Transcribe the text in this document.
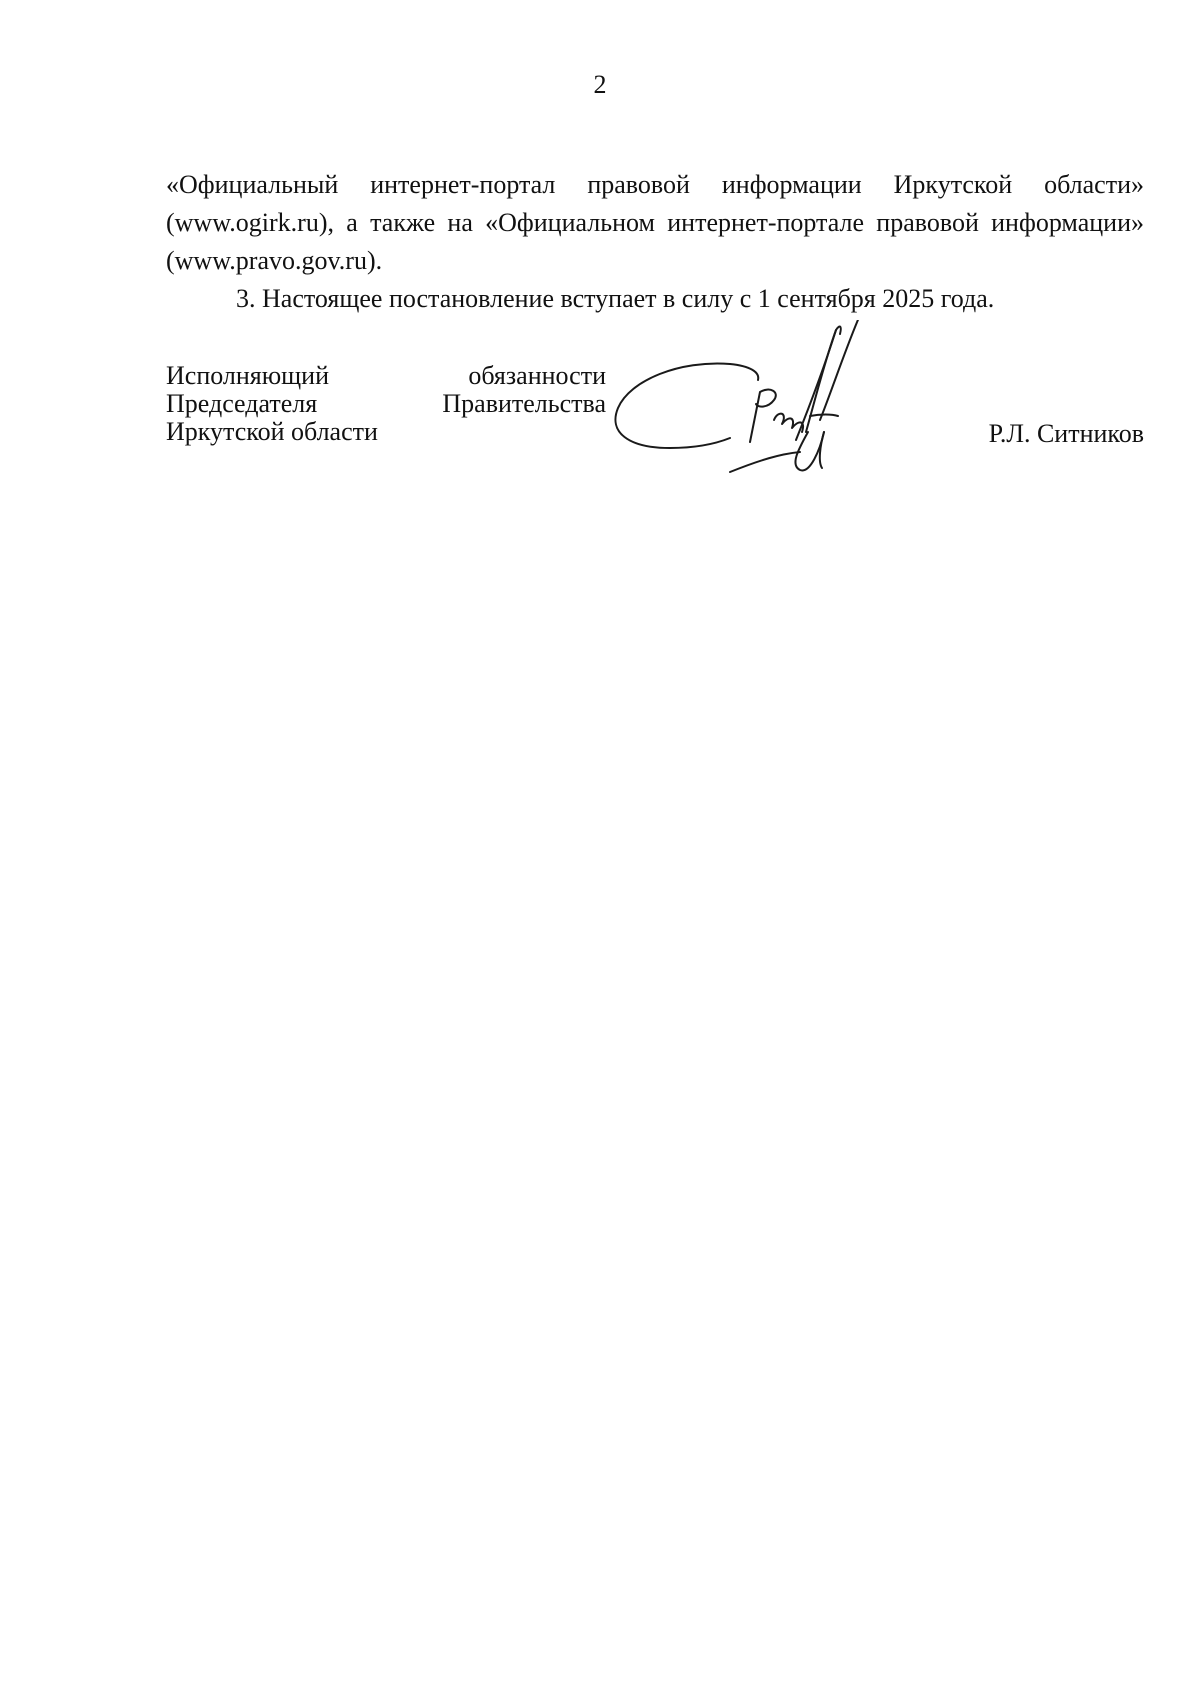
2

«Официальный интернет-портал правовой информации Иркутской области» (www.ogirk.ru), а также на «Официальном интернет-портале правовой информации» (www.pravo.gov.ru).

3. Настоящее постановление вступает в силу с 1 сентября 2025 года.

Исполняющий	обязанности
Председателя	Правительства
Иркутской области	Р.Л. Ситников
